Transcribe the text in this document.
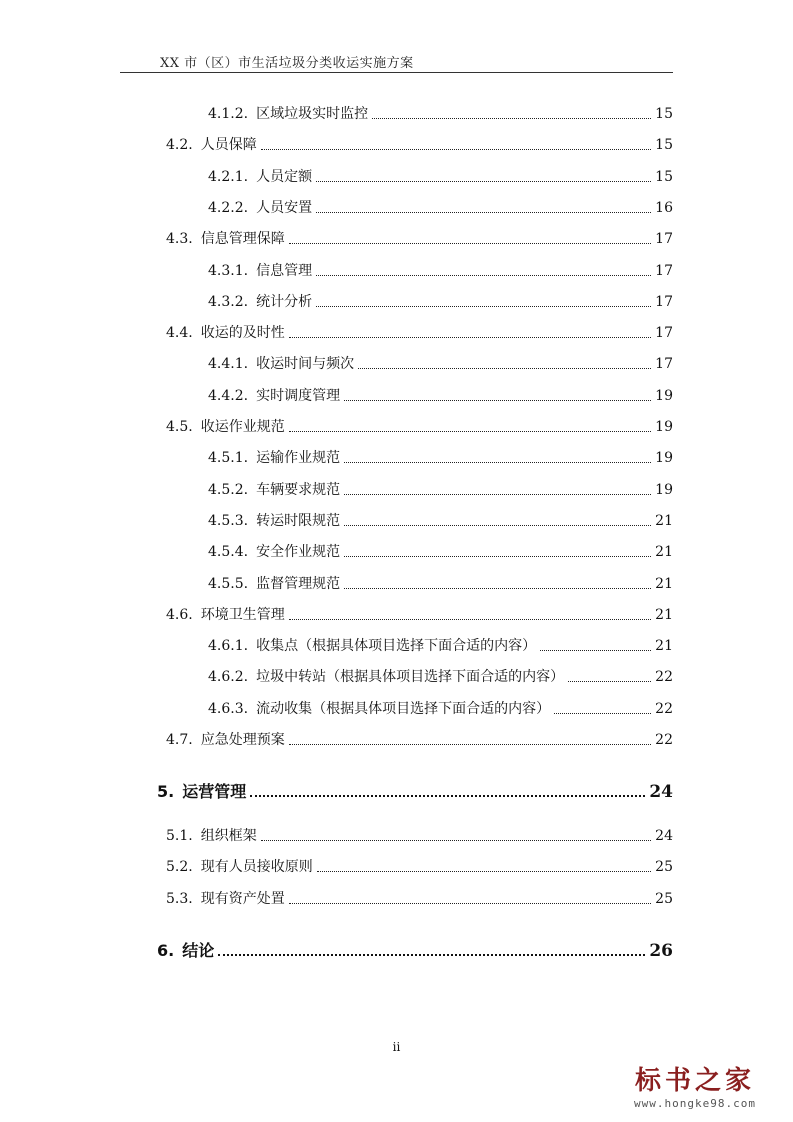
XX 市（区）市生活垃圾分类收运实施方案
4.1.2. 区域垃圾实时监控	15
4.2. 人员保障	15
4.2.1. 人员定额	15
4.2.2. 人员安置	16
4.3. 信息管理保障	17
4.3.1. 信息管理	17
4.3.2. 统计分析	17
4.4. 收运的及时性	17
4.4.1. 收运时间与频次	17
4.4.2. 实时调度管理	19
4.5. 收运作业规范	19
4.5.1. 运输作业规范	19
4.5.2. 车辆要求规范	19
4.5.3. 转运时限规范	21
4.5.4. 安全作业规范	21
4.5.5. 监督管理规范	21
4.6. 环境卫生管理	21
4.6.1. 收集点（根据具体项目选择下面合适的内容）	21
4.6.2. 垃圾中转站（根据具体项目选择下面合适的内容）	22
4.6.3. 流动收集（根据具体项目选择下面合适的内容）	22
4.7. 应急处理预案	22
5. 运营管理	24
5.1. 组织框架	24
5.2. 现有人员接收原则	25
5.3. 现有资产处置	25
6. 结论	26
ii
标书之家
www.hongke98.com
